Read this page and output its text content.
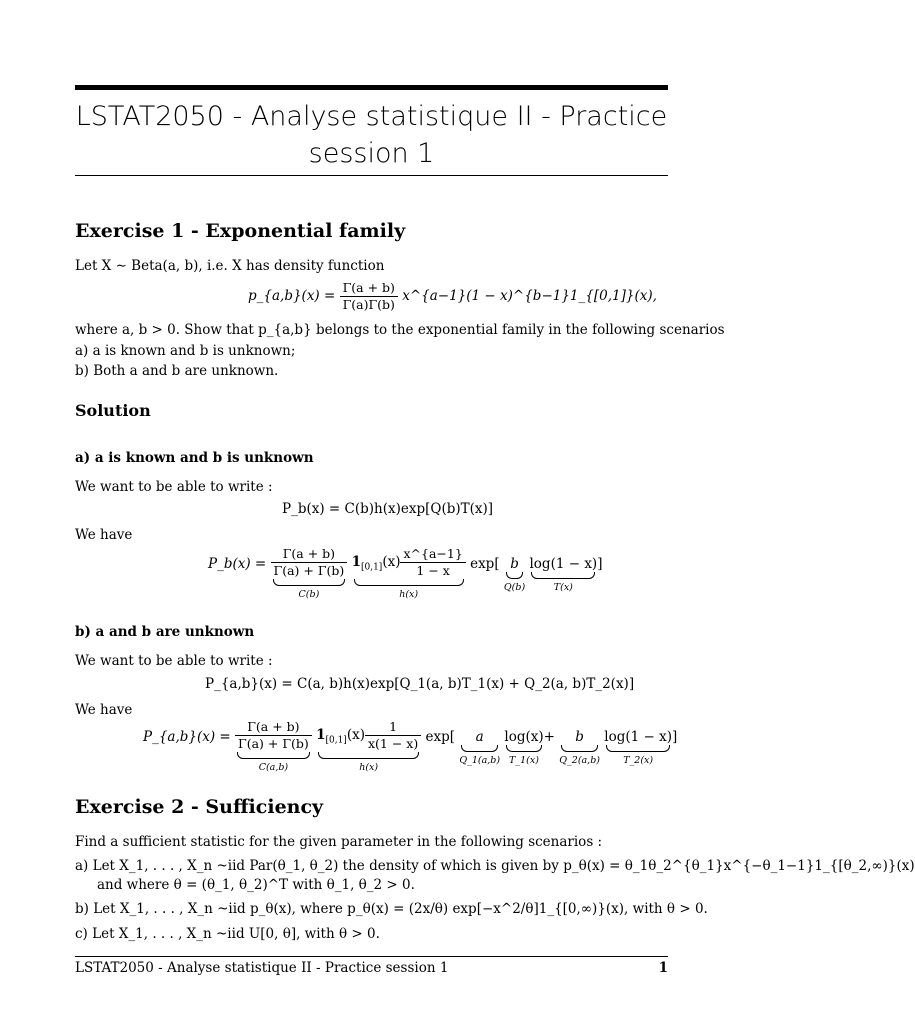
LSTAT2050 - Analyse statistique II - Practice
session 1
Exercise 1 - Exponential family
Let X ∼ Beta(a, b), i.e. X has density function
p_{a,b}(x) = $\frac{\Gamma(a + b)}{\Gamma(a)\Gamma(b)}$ x^{a−1}(1 − x)^{b−1}1_{[0,1]}(x),
where a, b > 0. Show that p_{a,b} belongs to the exponential family in the following scenarios
a) a is known and b is unknown;
b) Both a and b are unknown.
Solution
a) a is known and b is unknown
We want to be able to write :
P_b(x) = C(b)h(x)exp[Q(b)T(x)]
We have
P_b(x) = $\frac{\Gamma(a + b)}{\Gamma(a) + \Gamma(b)}$
C(b)

$1_{[0,1]}(x) \frac{x\^{}\{a-1\}}{1 - x}$
h(x)
exp[ b
Q(b)

log(1 − x)
T(x)
]
b) a and b are unknown
We want to be able to write :
P_{a,b}(x) = C(a, b)h(x)exp[Q_1(a, b)T_1(x) + Q_2(a, b)T_2(x)]
We have
P_{a,b}(x) = $\frac{\Gamma(a + b)}{\Gamma(a) + \Gamma(b)}$
C(a,b)

$1_{[0,1]}(x) \frac{1}{x(1 - x)}$
h(x)
exp[	a
Q_1(a,b)

log(x)
T_1(x)
+	b
Q_2(a,b)

log(1 − x)
T_2(x)
]
Exercise 2 - Sufficiency
Find a sufficient statistic for the given parameter in the following scenarios :
a) Let X_1, . . . , X_n ~iid Par(θ_1, θ_2) the density of which is given by p_θ(x) = θ_1θ_2^{θ_1}x^{−θ_1−1}1_{[θ_2,∞)}(x)
and where θ = (θ_1, θ_2)^T with θ_1, θ_2 > 0.
b) Let X_1, . . . , X_n ~iid p_θ(x), where p_θ(x) = (2x/θ) exp[−x^2/θ]1_{[0,∞)}(x), with θ > 0.
c) Let X_1, . . . , X_n ~iid U[0, θ], with θ > 0.
LSTAT2050 - Analyse statistique II - Practice session 1	1
